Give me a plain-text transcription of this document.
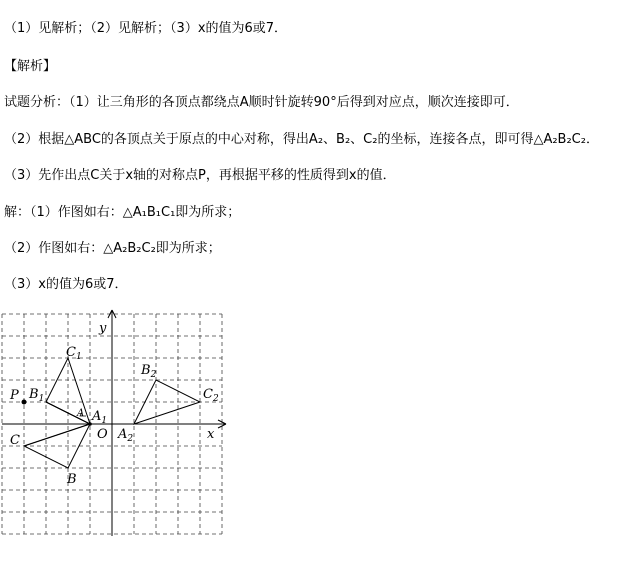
（1）见解析；（2）见解析；（3）x的值为6或7．
【解析】
试题分析：（1）让三角形的各顶点都绕点A顺时针旋转90°后得到对应点，顺次连接即可．
（2）根据△ABC的各顶点关于原点的中心对称，得出A₂、B₂、C₂的坐标，连接各点，即可得△A₂B₂C₂．
（3）先作出点C关于x轴的对称点P，再根据平移的性质得到x的值．
解：（1）作图如右：△A₁B₁C₁即为所求；
（2）作图如右：△A₂B₂C₂即为所求；
（3）x的值为6或7．
A
y
x
O
C
B
$C_1$
$B_1$
$A_1$
$B_2$
$C_2$
$A_2$
P
